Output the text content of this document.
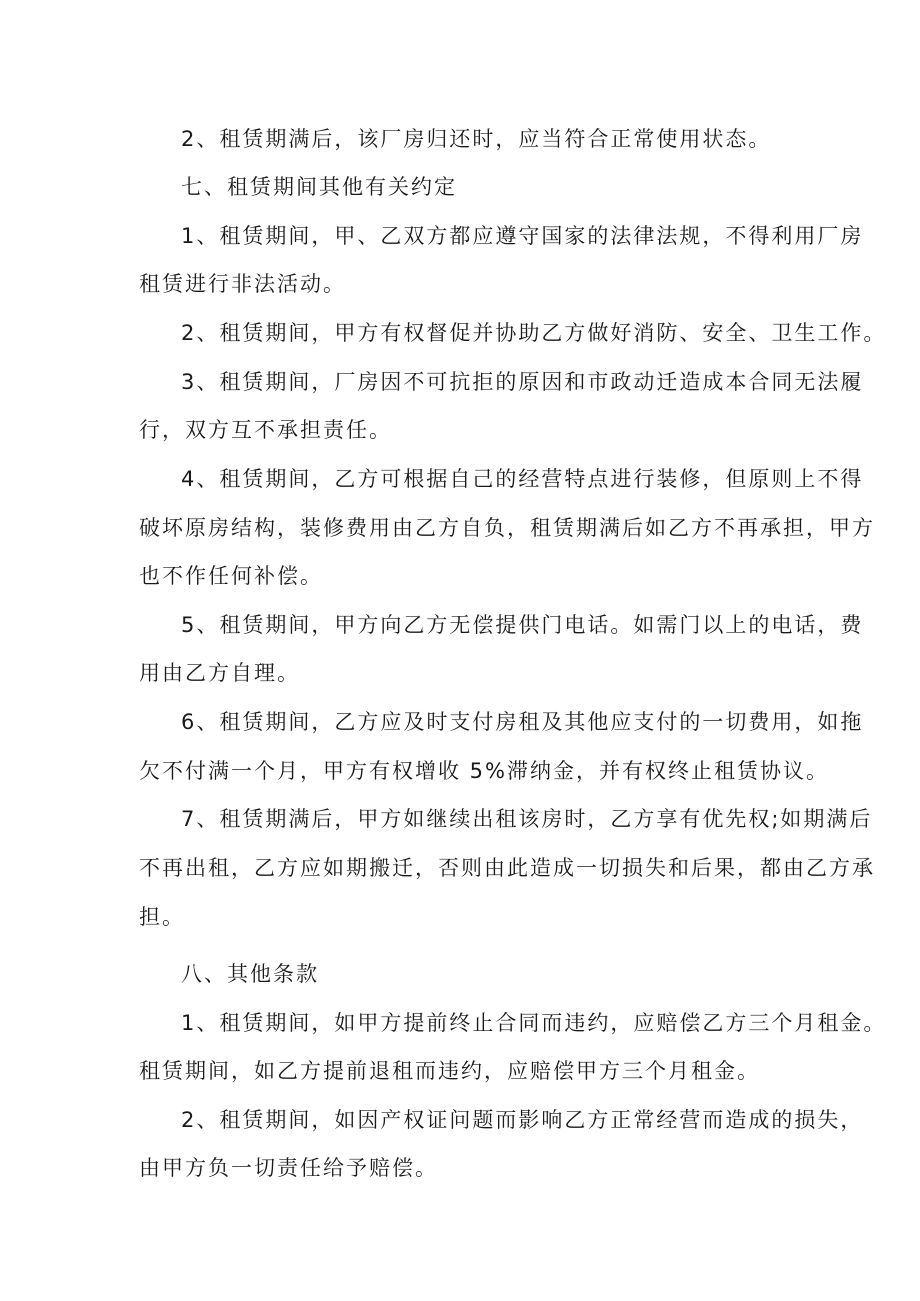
2、租赁期满后，该厂房归还时，应当符合正常使用状态。
七、租赁期间其他有关约定
1、租赁期间，甲、乙双方都应遵守国家的法律法规，不得利用厂房
租赁进行非法活动。
2、租赁期间，甲方有权督促并协助乙方做好消防、安全、卫生工作。
3、租赁期间，厂房因不可抗拒的原因和市政动迁造成本合同无法履
行，双方互不承担责任。
4、租赁期间，乙方可根据自己的经营特点进行装修，但原则上不得
破坏原房结构，装修费用由乙方自负，租赁期满后如乙方不再承担，甲方
也不作任何补偿。
5、租赁期间，甲方向乙方无偿提供门电话。如需门以上的电话，费
用由乙方自理。
6、租赁期间，乙方应及时支付房租及其他应支付的一切费用，如拖
欠不付满一个月，甲方有权增收 5%滞纳金，并有权终止租赁协议。
7、租赁期满后，甲方如继续出租该房时，乙方享有优先权;如期满后
不再出租，乙方应如期搬迁，否则由此造成一切损失和后果，都由乙方承
担。
八、其他条款
1、租赁期间，如甲方提前终止合同而违约，应赔偿乙方三个月租金。
租赁期间，如乙方提前退租而违约，应赔偿甲方三个月租金。
2、租赁期间，如因产权证问题而影响乙方正常经营而造成的损失，
由甲方负一切责任给予赔偿。
